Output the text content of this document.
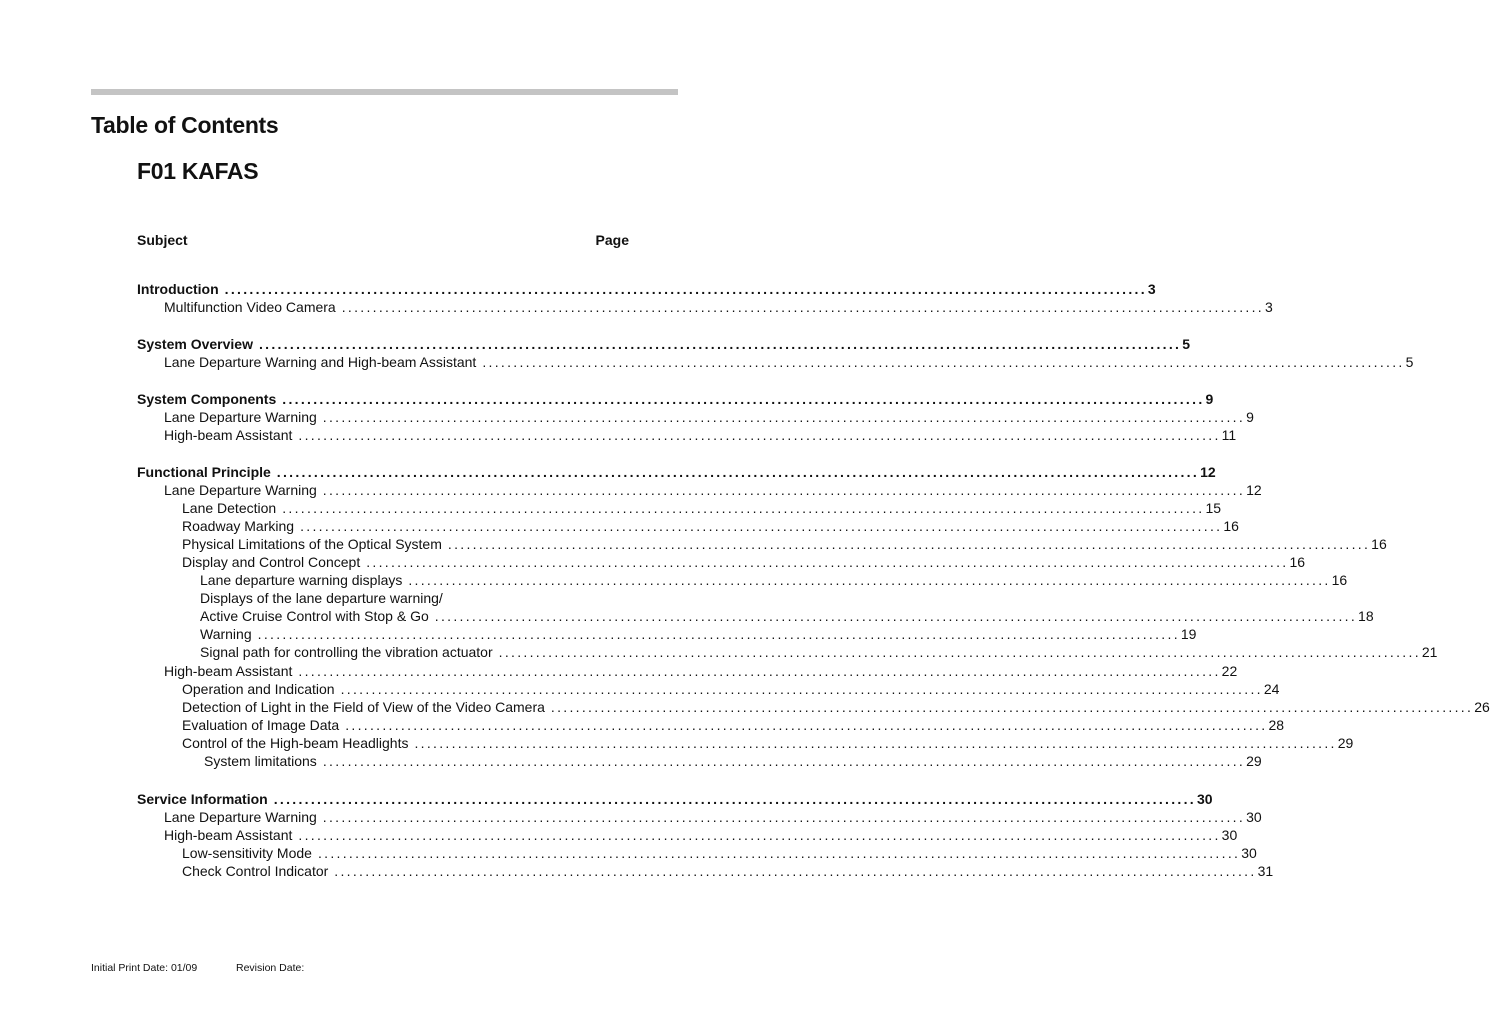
Table of Contents
F01 KAFAS
Subject	Page
Introduction ..................................................................................................................................................... 3
Multifunction Video Camera ..................................................................................................................................................... 3
System Overview ..................................................................................................................................................... 5
Lane Departure Warning and High-beam Assistant ..................................................................................................................................................... 5
System Components ..................................................................................................................................................... 9
Lane Departure Warning ..................................................................................................................................................... 9
High-beam Assistant ..................................................................................................................................................... 11
Functional Principle ..................................................................................................................................................... 12
Lane Departure Warning ..................................................................................................................................................... 12
Lane Detection ..................................................................................................................................................... 15
Roadway Marking ..................................................................................................................................................... 16
Physical Limitations of the Optical System ..................................................................................................................................................... 16
Display and Control Concept ..................................................................................................................................................... 16
Lane departure warning displays ..................................................................................................................................................... 16
Displays of the lane departure warning/
Active Cruise Control with Stop & Go ..................................................................................................................................................... 18
Warning ..................................................................................................................................................... 19
Signal path for controlling the vibration actuator ..................................................................................................................................................... 21
High-beam Assistant ..................................................................................................................................................... 22
Operation and Indication ..................................................................................................................................................... 24
Detection of Light in the Field of View of the Video Camera ..................................................................................................................................................... 26
Evaluation of Image Data ..................................................................................................................................................... 28
Control of the High-beam Headlights ..................................................................................................................................................... 29
System limitations ..................................................................................................................................................... 29
Service Information ..................................................................................................................................................... 30
Lane Departure Warning ..................................................................................................................................................... 30
High-beam Assistant ..................................................................................................................................................... 30
Low-sensitivity Mode ..................................................................................................................................................... 30
Check Control Indicator ..................................................................................................................................................... 31
Initial Print Date: 01/09	Revision Date:
